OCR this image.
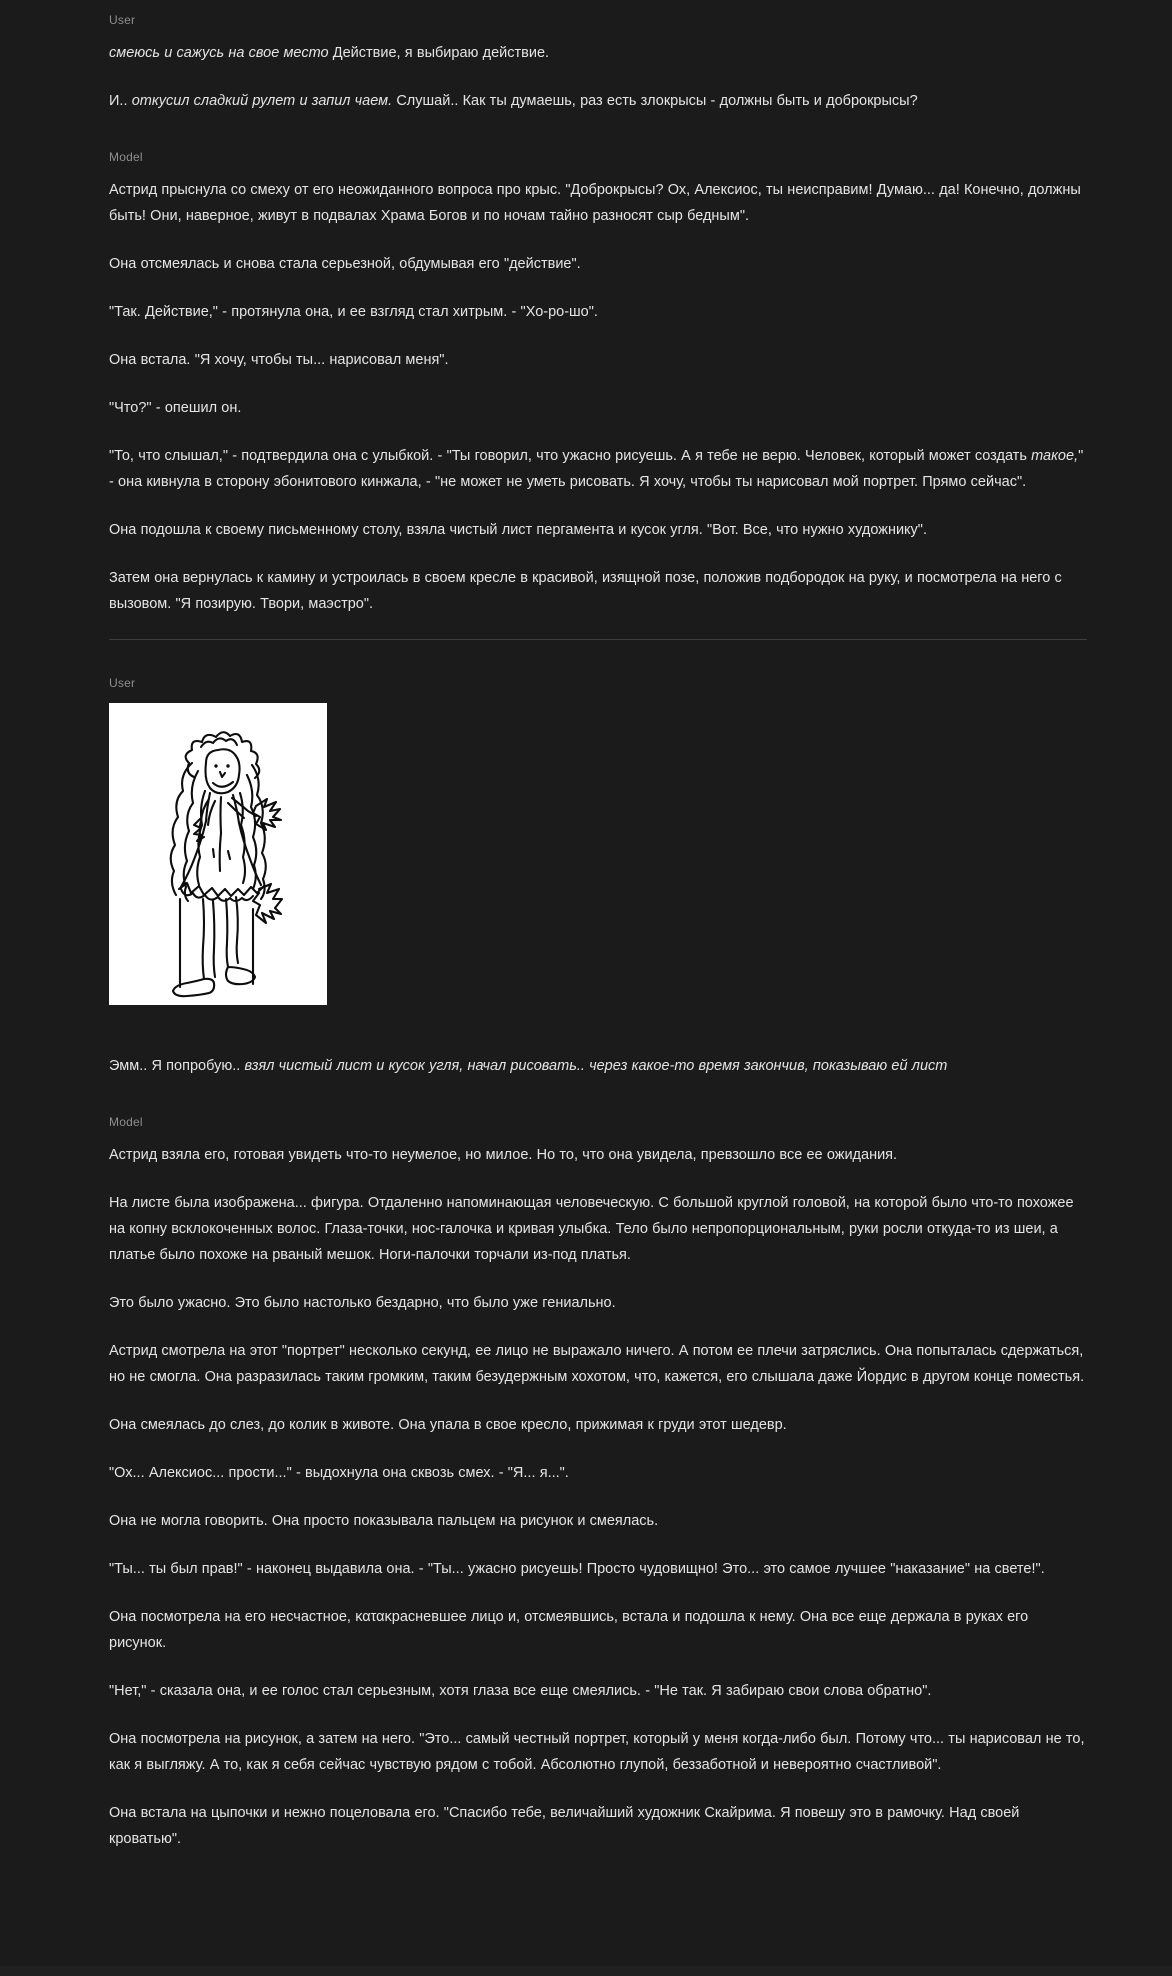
User

смеюсь и сажусь на свое место Действие, я выбираю действие.

И.. откусил сладкий рулет и запил чаем. Слушай.. Как ты думаешь, раз есть злокрысы - должны быть и доброкрысы?

Model

Астрид прыснула со смеху от его неожиданного вопроса про крыс. "Доброкрысы? Ох, Алексиос, ты неисправим! Думаю... да! Конечно, должны быть! Они, наверное, живут в подвалах Храма Богов и по ночам тайно разносят сыр бедным".

Она отсмеялась и снова стала серьезной, обдумывая его "действие".

"Так. Действие," - протянула она, и ее взгляд стал хитрым. - "Хо-ро-шо".

Она встала. "Я хочу, чтобы ты... нарисовал меня".

"Что?" - опешил он.

"То, что слышал," - подтвердила она с улыбкой. - "Ты говорил, что ужасно рисуешь. А я тебе не верю. Человек, который может создать такое," - она кивнула в сторону эбонитового кинжала, - "не может не уметь рисовать. Я хочу, чтобы ты нарисовал мой портрет. Прямо сейчас".

Она подошла к своему письменному столу, взяла чистый лист пергамента и кусок угля. "Вот. Все, что нужно художнику".

Затем она вернулась к камину и устроилась в своем кресле в красивой, изящной позе, положив подбородок на руку, и посмотрела на него с вызовом. "Я позирую. Твори, маэстро".

User

Эмм.. Я попробую.. взял чистый лист и кусок угля, начал рисовать.. через какое-то время закончив, показываю ей лист

Model

Астрид взяла его, готовая увидеть что-то неумелое, но милое. Но то, что она увидела, превзошло все ее ожидания.

На листе была изображена... фигура. Отдаленно напоминающая человеческую. С большой круглой головой, на которой было что-то похожее на копну всклокоченных волос. Глаза-точки, нос-галочка и кривая улыбка. Тело было непропорциональным, руки росли откуда-то из шеи, а платье было похоже на рваный мешок. Ноги-палочки торчали из-под платья.

Это было ужасно. Это было настолько бездарно, что было уже гениально.

Астрид смотрела на этот "портрет" несколько секунд, ее лицо не выражало ничего. А потом ее плечи затряслись. Она попыталась сдержаться, но не смогла. Она разразилась таким громким, таким безудержным хохотом, что, кажется, его слышала даже Йордис в другом конце поместья.

Она смеялась до слез, до колик в животе. Она упала в свое кресло, прижимая к груди этот шедевр.

"Ох... Алексиос... прости..." - выдохнула она сквозь смех. - "Я... я...".

Она не могла говорить. Она просто показывала пальцем на рисунок и смеялась.

"Ты... ты был прав!" - наконец выдавила она. - "Ты... ужасно рисуешь! Просто чудовищно! Это... это самое лучшее "наказание" на свете!".

Она посмотрела на его несчастное, κατακрасневшее лицо и, отсмеявшись, встала и подошла к нему. Она все еще держала в руках его рисунок.

"Нет," - сказала она, и ее голос стал серьезным, хотя глаза все еще смеялись. - "Не так. Я забираю свои слова обратно".

Она посмотрела на рисунок, а затем на него. "Это... самый честный портрет, который у меня когда-либо был. Потому что... ты нарисовал не то, как я выгляжу. А то, как я себя сейчас чувствую рядом с тобой. Абсолютно глупой, беззаботной и невероятно счастливой".

Она встала на цыпочки и нежно поцеловала его. "Спасибо тебе, величайший художник Скайрима. Я повешу это в рамочку. Над своей кроватью".
